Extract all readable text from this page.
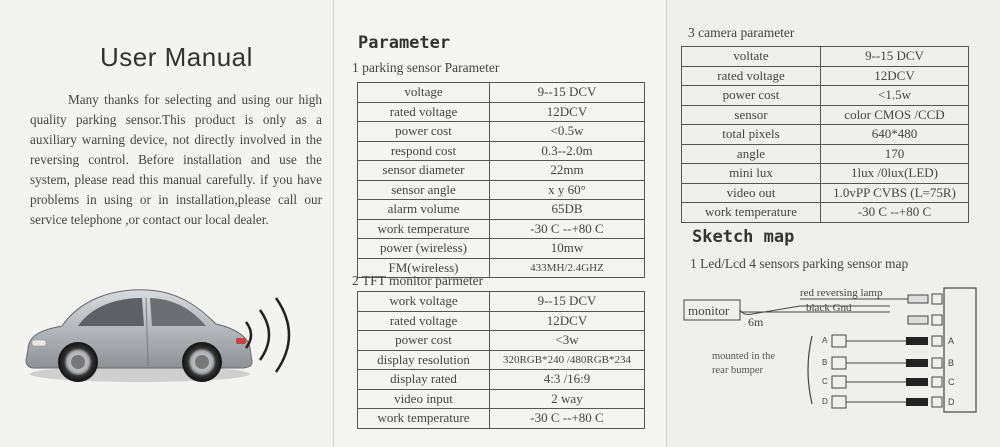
User Manual

Many thanks for selecting and using our high quality parking sensor.This product is only as a auxiliary warning device, not directly involved in the reversing control. Before installation and use the system, please read this manual carefully. if you have problems in using or in installation,please call our service telephone ,or contact our local dealer.

Parameter
1 parking sensor Parameter
voltage	9--15 DCV
rated voltage	12DCV
power cost	<0.5w
respond cost	0.3--2.0m
sensor diameter	22mm
sensor angle	x y 60°
alarm volume	65DB
work temperature	-30 C --+80 C
power (wireless)	10mw
FM(wireless)	433MH/2.4GHZ
2 TFT monitor parmeter
work voltage	9--15 DCV
rated voltage	12DCV
power cost	<3w
display resolution	320RGB*240 /480RGB*234
display rated	4:3 /16:9
video input	2 way
work temperature	-30 C --+80 C
3 camera parameter
voltate	9--15 DCV
rated voltage	12DCV
power cost	<1.5w
sensor	color CMOS /CCD
total pixels	640*480
angle	170
mini lux	1lux /0lux(LED)
video out	1.0vPP CVBS (L=75R)
work temperature	-30 C --+80 C
Sketch map
1 Led/Lcd 4 sensors parking sensor map
monitor
6m
red reversing lamp
black Gnd
mounted in the
rear bumper
A	A
B	B
C	C
D	D
